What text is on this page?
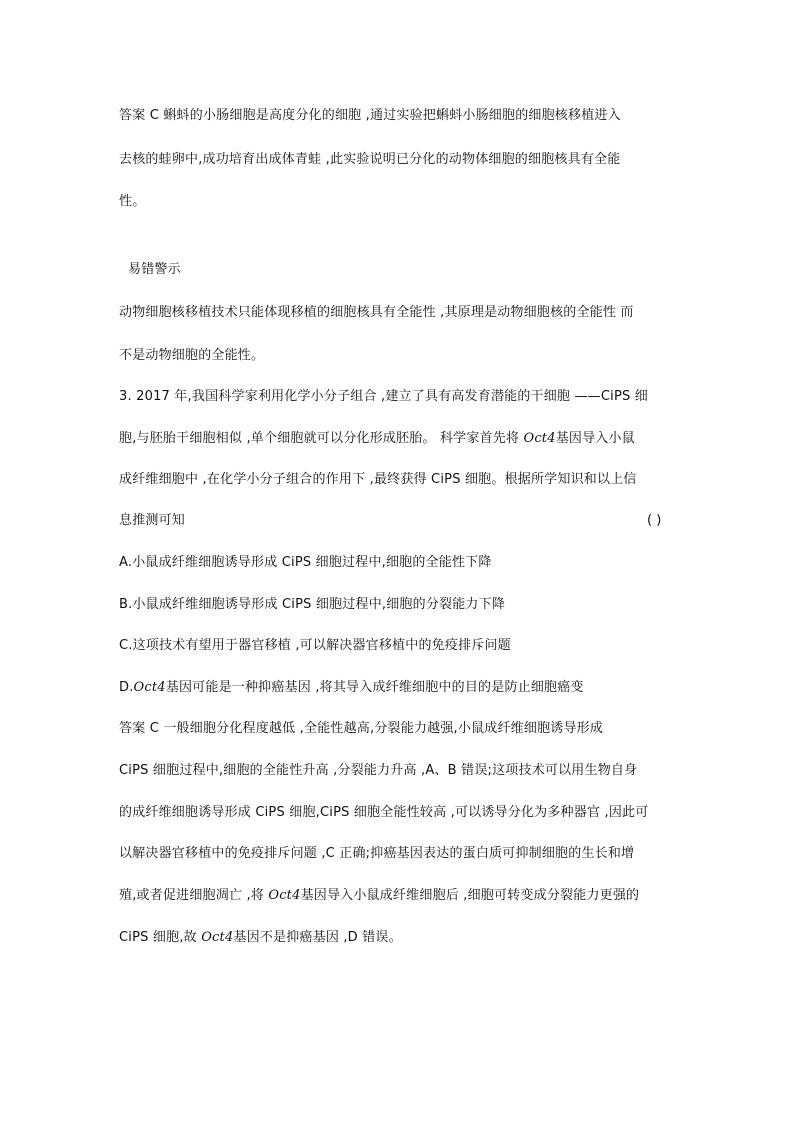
答案 C 蝌蚪的小肠细胞是高度分化的细胞 ,通过实验把蝌蚪小肠细胞的细胞核移植进入
去核的蛙卵中,成功培育出成体青蛙 ,此实验说明已分化的动物体细胞的细胞核具有全能
性。
易错警示
动物细胞核移植技术只能体现移植的细胞核具有全能性 ,其原理是动物细胞核的全能性 而
不是动物细胞的全能性。
3. 2017 年,我国科学家利用化学小分子组合 ,建立了具有高发育潜能的干细胞 ——CiPS 细
胞,与胚胎干细胞相似 ,单个细胞就可以分化形成胚胎。 科学家首先将 Oct4基因导入小鼠
成纤维细胞中 ,在化学小分子组合的作用下 ,最终获得 CiPS 细胞。根据所学知识和以上信
息推测可知	( )
A.小鼠成纤维细胞诱导形成 CiPS 细胞过程中,细胞的全能性下降
B.小鼠成纤维细胞诱导形成 CiPS 细胞过程中,细胞的分裂能力下降
C.这项技术有望用于器官移植 ,可以解决器官移植中的免疫排斥问题
D.Oct4基因可能是一种抑癌基因 ,将其导入成纤维细胞中的目的是防止细胞癌变
答案 C 一般细胞分化程度越低 ,全能性越高,分裂能力越强,小鼠成纤维细胞诱导形成
CiPS 细胞过程中,细胞的全能性升高 ,分裂能力升高 ,A、B 错误;这项技术可以用生物自身
的成纤维细胞诱导形成 CiPS 细胞,CiPS 细胞全能性较高 ,可以诱导分化为多种器官 ,因此可
以解决器官移植中的免疫排斥问题 ,C 正确;抑癌基因表达的蛋白质可抑制细胞的生长和增
殖,或者促进细胞凋亡 ,将 Oct4基因导入小鼠成纤维细胞后 ,细胞可转变成分裂能力更强的
CiPS 细胞,故 Oct4基因不是抑癌基因 ,D 错误。
